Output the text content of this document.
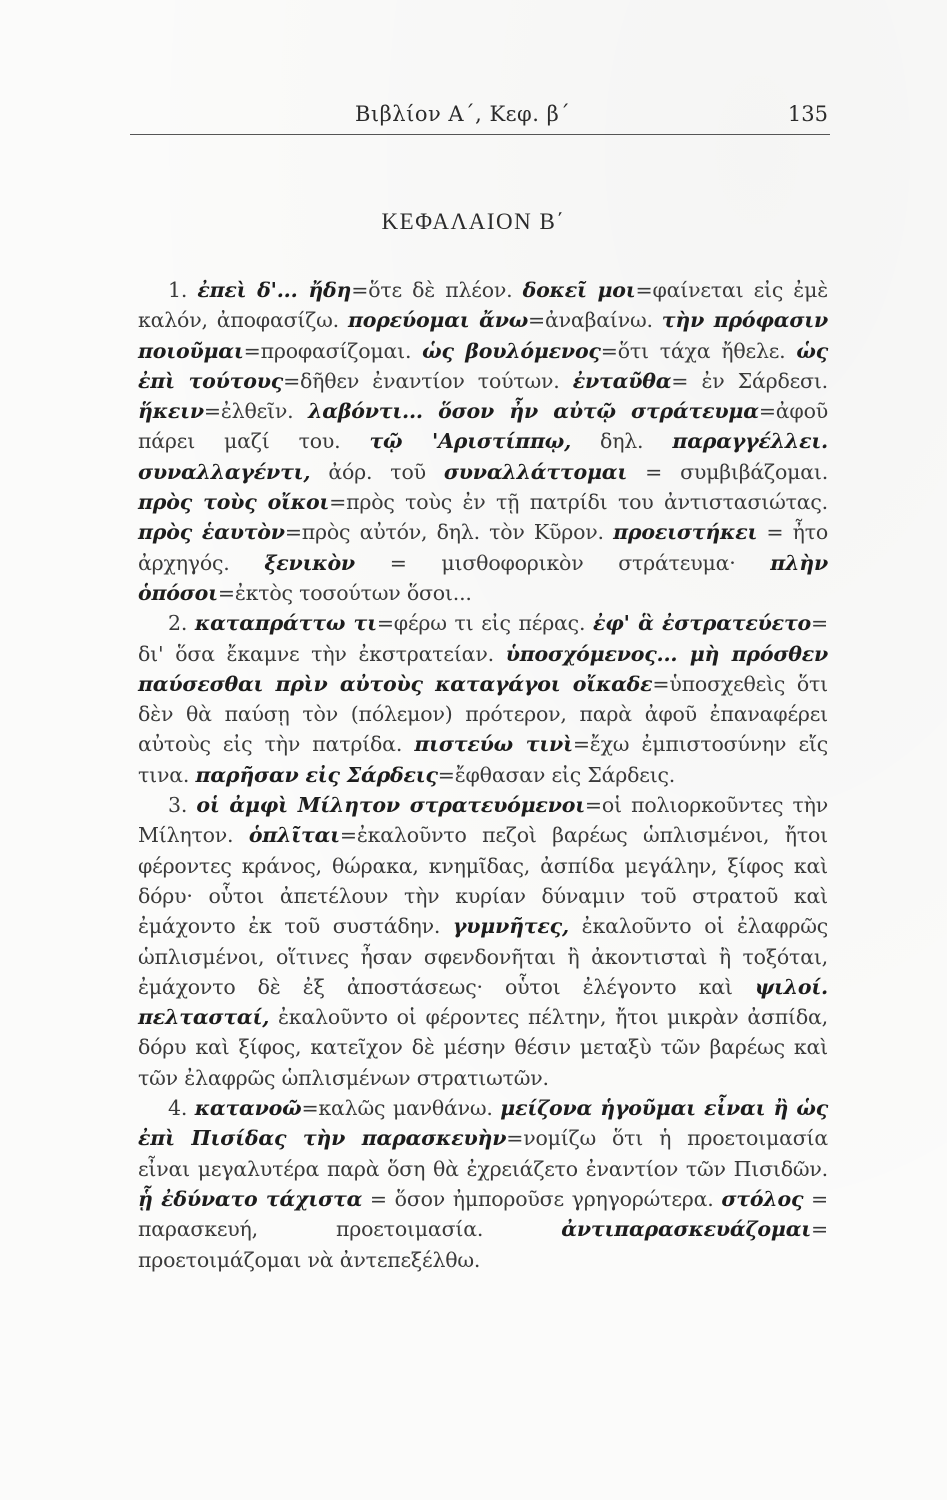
Βιβλίον Α΄, Κεφ. β΄	135
ΚΕΦΑΛΑΙΟΝ Β΄

1. ἐπεὶ δ'... ἤδη=ὅτε δὲ πλέον. δοκεῖ μοι=φαίνεται εἰς ἐμὲ καλόν, ἀποφασίζω. πορεύομαι ἄνω=ἀναβαίνω. τὴν πρόφασιν ποιοῦμαι=προφασίζομαι. ὡς βουλόμενος=ὅτι τάχα ἤθελε. ὡς ἐπὶ τούτους=δῆθεν ἐναντίον τούτων. ἐνταῦθα= ἐν Σάρδεσι. ἥκειν=ἐλθεῖν. λαβόντι... ὅσον ἦν αὐτῷ στράτευμα=ἀφοῦ πάρει μαζί του. τῷ 'Αριστίππῳ, δηλ. παραγγέλλει. συναλλαγέντι, ἀόρ. τοῦ συναλλάττομαι = συμβιβάζομαι. πρὸς τοὺς οἴκοι=πρὸς τοὺς ἐν τῇ πατρίδι του ἀντιστασιώτας. πρὸς ἑαυτὸν=πρὸς αὐτόν, δηλ. τὸν Κῦρον. προειστήκει = ἦτο ἀρχηγός. ξενικὸν = μισθοφορικὸν στράτευμα· πλὴν ὁπόσοι=ἐκτὸς τοσούτων ὅσοι...

2. καταπράττω τι=φέρω τι εἰς πέρας. ἐφ' ἃ ἐστρατεύετο= δι' ὅσα ἔκαμνε τὴν ἐκστρατείαν. ὑποσχόμενος... μὴ πρόσθεν παύσεσθαι πρὶν αὐτοὺς καταγάγοι οἴκαδε=ὑποσχεθεὶς ὅτι δὲν θὰ παύσῃ τὸν (πόλεμον) πρότερον, παρὰ ἀφοῦ ἐπαναφέρει αὐτοὺς εἰς τὴν πατρίδα. πιστεύω τινὶ=ἔχω ἐμπιστοσύνην εἴς τινα. παρῆσαν εἰς Σάρδεις=ἔφθασαν εἰς Σάρδεις.

3. οἱ ἀμφὶ Μίλητον στρατευόμενοι=οἱ πολιορκοῦντες τὴν Μίλητον. ὁπλῖται=ἐκαλοῦντο πεζοὶ βαρέως ὡπλισμένοι, ἤτοι φέροντες κράνος, θώρακα, κνημῖδας, ἀσπίδα μεγάλην, ξίφος καὶ δόρυ· οὗτοι ἀπετέλουν τὴν κυρίαν δύναμιν τοῦ στρατοῦ καὶ ἐμάχοντο ἐκ τοῦ συστάδην. γυμνῆτες, ἐκαλοῦντο οἱ ἐλαφρῶς ὡπλισμένοι, οἵτινες ἦσαν σφενδονῆται ἢ ἀκοντισταὶ ἢ τοξόται, ἐμάχοντο δὲ ἐξ ἀποστάσεως· οὗτοι ἐλέγοντο καὶ ψιλοί. πελτασταί, ἐκαλοῦντο οἱ φέροντες πέλτην, ἤτοι μικρὰν ἀσπίδα, δόρυ καὶ ξίφος, κατεῖχον δὲ μέσην θέσιν μεταξὺ τῶν βαρέως καὶ τῶν ἐλαφρῶς ὡπλισμένων στρατιωτῶν.

4. κατανοῶ=καλῶς μανθάνω. μείζονα ἡγοῦμαι εἶναι ἢ ὡς ἐπὶ Πισίδας τὴν παρασκευὴν=νομίζω ὅτι ἡ προετοιμασία εἶναι μεγαλυτέρα παρὰ ὅση θὰ ἐχρειάζετο ἐναντίον τῶν Πισιδῶν. ᾗ ἐδύνατο τάχιστα = ὅσον ἠμποροῦσε γρηγορώτερα. στόλος = παρασκευή, προετοιμασία. ἀντιπαρασκευάζομαι= προετοιμάζομαι νὰ ἀντεπεξέλθω.
